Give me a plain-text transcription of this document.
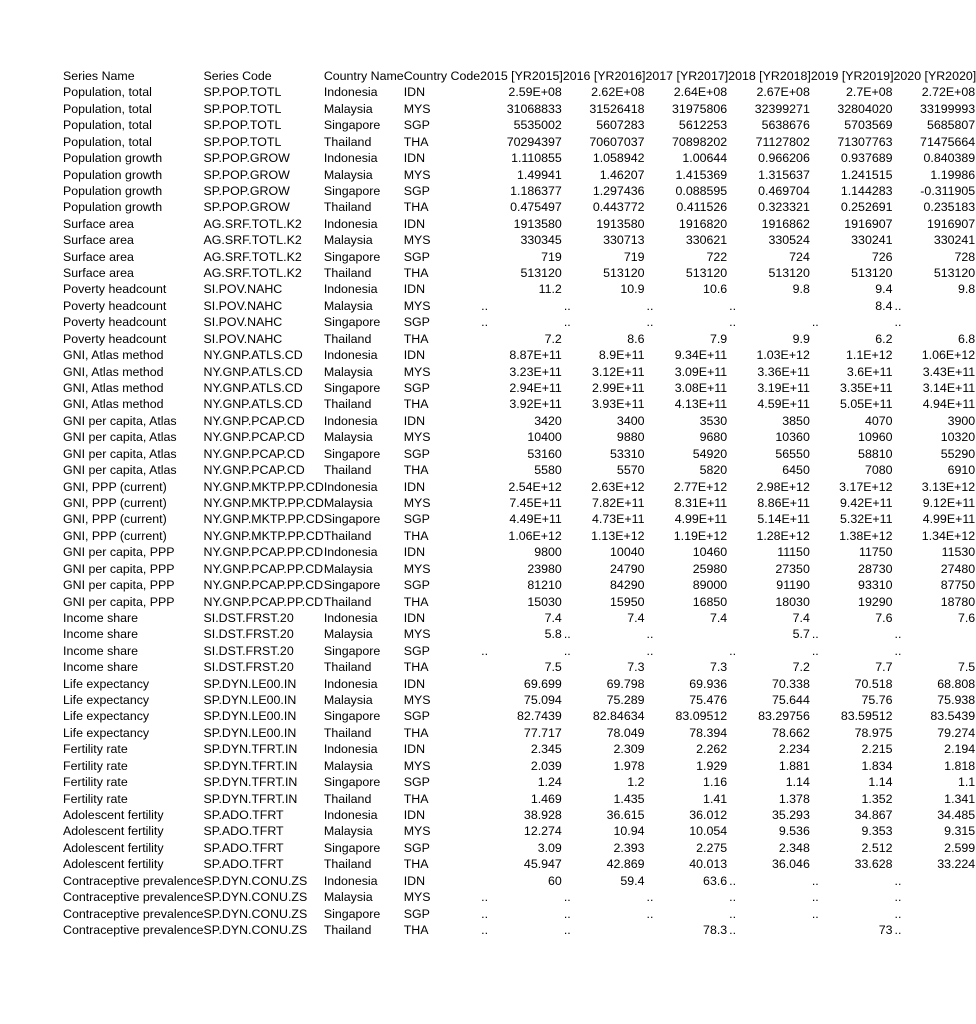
Series Name	Series Code	Country Name	Country Code	2015 [YR2015]	2016 [YR2016]	2017 [YR2017]	2018 [YR2018]	2019 [YR2019]	2020 [YR2020]
Population, total	SP.POP.TOTL	Indonesia	IDN	2.59E+08	2.62E+08	2.64E+08	2.67E+08	2.7E+08	2.72E+08
Population, total	SP.POP.TOTL	Malaysia	MYS	31068833	31526418	31975806	32399271	32804020	33199993
Population, total	SP.POP.TOTL	Singapore	SGP	5535002	5607283	5612253	5638676	5703569	5685807
Population, total	SP.POP.TOTL	Thailand	THA	70294397	70607037	70898202	71127802	71307763	71475664
Population growth	SP.POP.GROW	Indonesia	IDN	1.110855	1.058942	1.00644	0.966206	0.937689	0.840389
Population growth	SP.POP.GROW	Malaysia	MYS	1.49941	1.46207	1.415369	1.315637	1.241515	1.19986
Population growth	SP.POP.GROW	Singapore	SGP	1.186377	1.297436	0.088595	0.469704	1.144283	-0.311905
Population growth	SP.POP.GROW	Thailand	THA	0.475497	0.443772	0.411526	0.323321	0.252691	0.235183
Surface area	AG.SRF.TOTL.K2	Indonesia	IDN	1913580	1913580	1916820	1916862	1916907	1916907
Surface area	AG.SRF.TOTL.K2	Malaysia	MYS	330345	330713	330621	330524	330241	330241
Surface area	AG.SRF.TOTL.K2	Singapore	SGP	719	719	722	724	726	728
Surface area	AG.SRF.TOTL.K2	Thailand	THA	513120	513120	513120	513120	513120	513120
Poverty headcount	SI.POV.NAHC	Indonesia	IDN	11.2	10.9	10.6	9.8	9.4	9.8
Poverty headcount	SI.POV.NAHC	Malaysia	MYS	..	..	..	..	8.4	..
Poverty headcount	SI.POV.NAHC	Singapore	SGP	..	..	..	..	..	..
Poverty headcount	SI.POV.NAHC	Thailand	THA	7.2	8.6	7.9	9.9	6.2	6.8
GNI, Atlas method	NY.GNP.ATLS.CD	Indonesia	IDN	8.87E+11	8.9E+11	9.34E+11	1.03E+12	1.1E+12	1.06E+12
GNI, Atlas method	NY.GNP.ATLS.CD	Malaysia	MYS	3.23E+11	3.12E+11	3.09E+11	3.36E+11	3.6E+11	3.43E+11
GNI, Atlas method	NY.GNP.ATLS.CD	Singapore	SGP	2.94E+11	2.99E+11	3.08E+11	3.19E+11	3.35E+11	3.14E+11
GNI, Atlas method	NY.GNP.ATLS.CD	Thailand	THA	3.92E+11	3.93E+11	4.13E+11	4.59E+11	5.05E+11	4.94E+11
GNI per capita, Atlas	NY.GNP.PCAP.CD	Indonesia	IDN	3420	3400	3530	3850	4070	3900
GNI per capita, Atlas	NY.GNP.PCAP.CD	Malaysia	MYS	10400	9880	9680	10360	10960	10320
GNI per capita, Atlas	NY.GNP.PCAP.CD	Singapore	SGP	53160	53310	54920	56550	58810	55290
GNI per capita, Atlas	NY.GNP.PCAP.CD	Thailand	THA	5580	5570	5820	6450	7080	6910
GNI, PPP (current)	NY.GNP.MKTP.PP.CD	Indonesia	IDN	2.54E+12	2.63E+12	2.77E+12	2.98E+12	3.17E+12	3.13E+12
GNI, PPP (current)	NY.GNP.MKTP.PP.CD	Malaysia	MYS	7.45E+11	7.82E+11	8.31E+11	8.86E+11	9.42E+11	9.12E+11
GNI, PPP (current)	NY.GNP.MKTP.PP.CD	Singapore	SGP	4.49E+11	4.73E+11	4.99E+11	5.14E+11	5.32E+11	4.99E+11
GNI, PPP (current)	NY.GNP.MKTP.PP.CD	Thailand	THA	1.06E+12	1.13E+12	1.19E+12	1.28E+12	1.38E+12	1.34E+12
GNI per capita, PPP	NY.GNP.PCAP.PP.CD	Indonesia	IDN	9800	10040	10460	11150	11750	11530
GNI per capita, PPP	NY.GNP.PCAP.PP.CD	Malaysia	MYS	23980	24790	25980	27350	28730	27480
GNI per capita, PPP	NY.GNP.PCAP.PP.CD	Singapore	SGP	81210	84290	89000	91190	93310	87750
GNI per capita, PPP	NY.GNP.PCAP.PP.CD	Thailand	THA	15030	15950	16850	18030	19290	18780
Income share	SI.DST.FRST.20	Indonesia	IDN	7.4	7.4	7.4	7.4	7.6	7.6
Income share	SI.DST.FRST.20	Malaysia	MYS	5.8	..	..	5.7	..	..
Income share	SI.DST.FRST.20	Singapore	SGP	..	..	..	..	..	..
Income share	SI.DST.FRST.20	Thailand	THA	7.5	7.3	7.3	7.2	7.7	7.5
Life expectancy	SP.DYN.LE00.IN	Indonesia	IDN	69.699	69.798	69.936	70.338	70.518	68.808
Life expectancy	SP.DYN.LE00.IN	Malaysia	MYS	75.094	75.289	75.476	75.644	75.76	75.938
Life expectancy	SP.DYN.LE00.IN	Singapore	SGP	82.7439	82.84634	83.09512	83.29756	83.59512	83.5439
Life expectancy	SP.DYN.LE00.IN	Thailand	THA	77.717	78.049	78.394	78.662	78.975	79.274
Fertility rate	SP.DYN.TFRT.IN	Indonesia	IDN	2.345	2.309	2.262	2.234	2.215	2.194
Fertility rate	SP.DYN.TFRT.IN	Malaysia	MYS	2.039	1.978	1.929	1.881	1.834	1.818
Fertility rate	SP.DYN.TFRT.IN	Singapore	SGP	1.24	1.2	1.16	1.14	1.14	1.1
Fertility rate	SP.DYN.TFRT.IN	Thailand	THA	1.469	1.435	1.41	1.378	1.352	1.341
Adolescent fertility	SP.ADO.TFRT	Indonesia	IDN	38.928	36.615	36.012	35.293	34.867	34.485
Adolescent fertility	SP.ADO.TFRT	Malaysia	MYS	12.274	10.94	10.054	9.536	9.353	9.315
Adolescent fertility	SP.ADO.TFRT	Singapore	SGP	3.09	2.393	2.275	2.348	2.512	2.599
Adolescent fertility	SP.ADO.TFRT	Thailand	THA	45.947	42.869	40.013	36.046	33.628	33.224
Contraceptive prevalence	SP.DYN.CONU.ZS	Indonesia	IDN	60	59.4	63.6	..	..	..
Contraceptive prevalence	SP.DYN.CONU.ZS	Malaysia	MYS	..	..	..	..	..	..
Contraceptive prevalence	SP.DYN.CONU.ZS	Singapore	SGP	..	..	..	..	..	..
Contraceptive prevalence	SP.DYN.CONU.ZS	Thailand	THA	..	..	78.3	..	73	..
